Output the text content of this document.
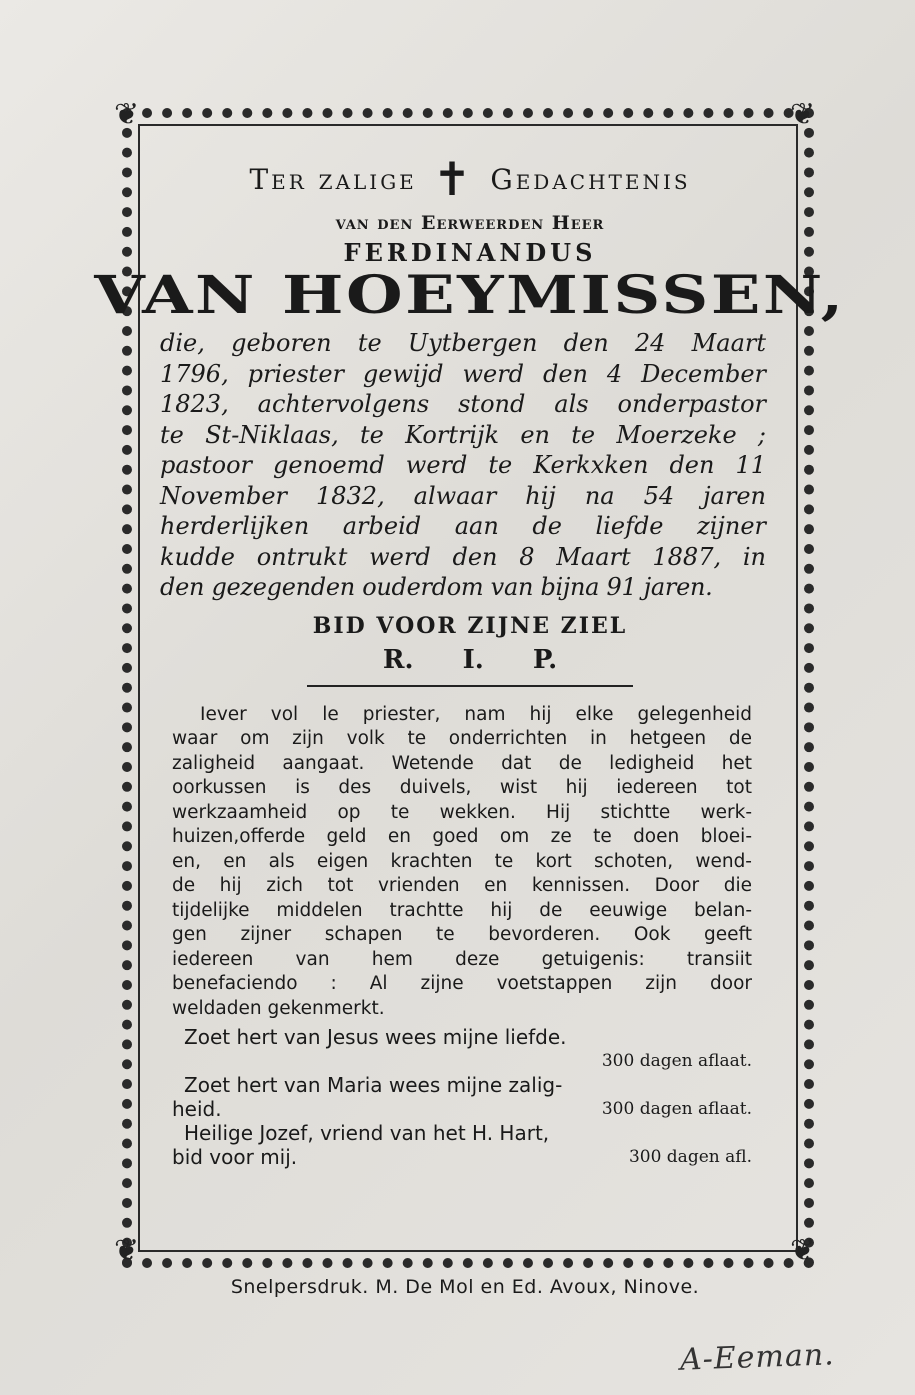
❦	❦
❦	❦
Ter zalige ✝ Gedachtenis
van den Eerweerden Heer
FERDINANDUS
VAN HOEYMISSEN,

die, geboren te Uytbergen den 24 Maart

1796, priester gewijd werd den 4 December

1823, achtervolgens stond als onderpastor

te St-Niklaas, te Kortrijk en te Moerzeke ;

pastoor genoemd werd te Kerkxken den 11

November 1832, alwaar hij na 54 jaren

herderlijken arbeid aan de liefde zijner

kudde ontrukt werd den 8 Maart 1887, in

den gezegenden ouderdom van bijna 91 jaren.

BID VOOR ZIJNE ZIEL
R. I. P.

Iever vol le priester, nam hij elke gelegenheid

waar om zijn volk te onderrichten in hetgeen de

zaligheid aangaat. Wetende dat de ledigheid het

oorkussen is des duivels, wist hij iedereen tot

werkzaamheid op te wekken. Hij stichtte werk-

huizen,offerde geld en goed om ze te doen bloei-

en, en als eigen krachten te kort schoten, wend-

de hij zich tot vrienden en kennissen. Door die

tijdelijke middelen trachtte hij de eeuwige belan-

gen zijner schapen te bevorderen. Ook geeft

iedereen van hem deze getuigenis: transiit

benefaciendo : Al zijne voetstappen zijn door

weldaden gekenmerkt.

Zoet hert van Jesus wees mijne liefde.
300 dagen aflaat.
Zoet hert van Maria wees mijne zalig-
heid.	300 dagen aflaat.
Heilige Jozef, vriend van het H. Hart,
bid voor mij.	300 dagen afl.
Snelpersdruk. M. De Mol en Ed. Avoux, Ninove.
A-Eeman.
